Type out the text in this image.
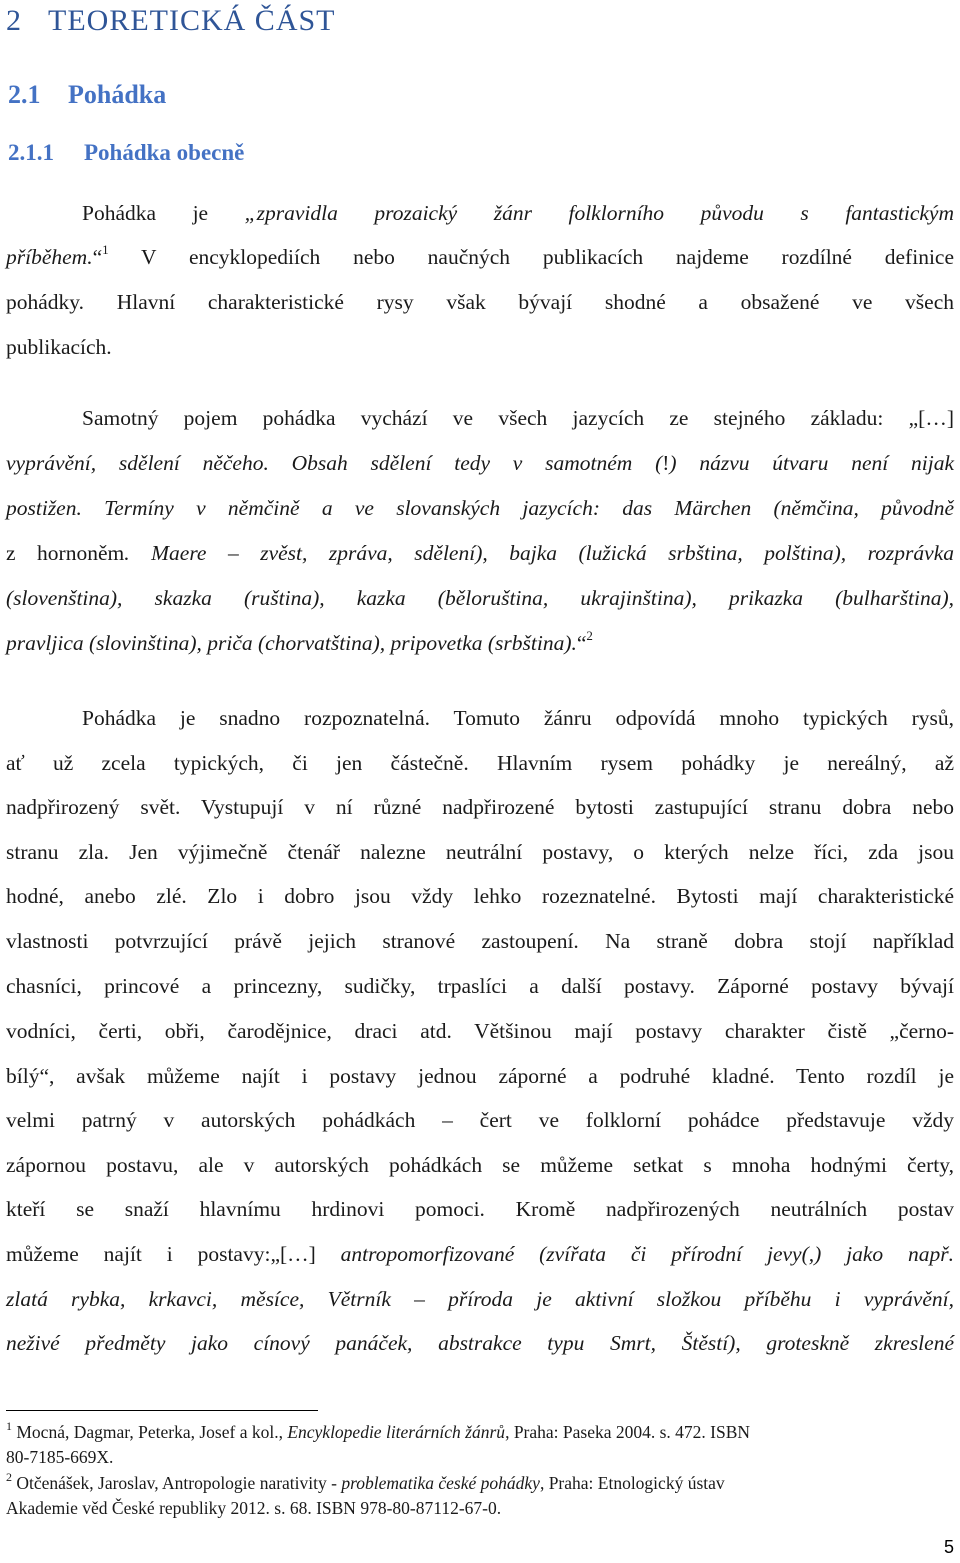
2 TEORETICKÁ ČÁST
2.1 Pohádka
2.1.1 Pohádka obecně
Pohádka je „zpravidla prozaický žánr folklorního původu s fantastickým
příběhem.“$^1$ V encyklopediích nebo naučných publikacích najdeme rozdílné definice
pohádky. Hlavní charakteristické rysy však bývají shodné a obsažené ve všech
publikacích.
Samotný pojem pohádka vychází ve všech jazycích ze stejného základu: „[…]
vyprávění, sdělení něčeho. Obsah sdělení tedy v samotném (!) názvu útvaru není nijak
postižen. Termíny v němčině a ve slovanských jazycích: das Märchen (němčina, původně
z hornoněm. Maere – zvěst, zpráva, sdělení), bajka (lužická srbština, polština), rozprávka
(slovenština), skazka (ruština), kazka (běloruština, ukrajinština), prikazka (bulharština),
pravljica (slovinština), priča (chorvatština), pripovetka (srbština).“$^2$
Pohádka je snadno rozpoznatelná. Tomuto žánru odpovídá mnoho typických rysů,
ať už zcela typických, či jen částečně. Hlavním rysem pohádky je nereálný, až
nadpřirozený svět. Vystupují v ní různé nadpřirozené bytosti zastupující stranu dobra nebo
stranu zla. Jen výjimečně čtenář nalezne neutrální postavy, o kterých nelze říci, zda jsou
hodné, anebo zlé. Zlo i dobro jsou vždy lehko rozeznatelné. Bytosti mají charakteristické
vlastnosti potvrzující právě jejich stranové zastoupení. Na straně dobra stojí například
chasníci, princové a princezny, sudičky, trpaslíci a další postavy. Záporné postavy bývají
vodníci, čerti, obři, čarodějnice, draci atd. Většinou mají postavy charakter čistě „černo-
bílý“, avšak můžeme najít i postavy jednou záporné a podruhé kladné. Tento rozdíl je
velmi patrný v autorských pohádkách – čert ve folklorní pohádce představuje vždy
zápornou postavu, ale v autorských pohádkách se můžeme setkat s mnoha hodnými čerty,
kteří se snaží hlavnímu hrdinovi pomoci. Kromě nadpřirozených neutrálních postav
můžeme najít i postavy:„[…] antropomorfizované (zvířata či přírodní jevy(,) jako např.
zlatá rybka, krkavci, měsíce, Větrník – příroda je aktivní složkou příběhu i vyprávění,
neživé předměty jako cínový panáček, abstrakce typu Smrt, Štěstí), groteskně zkreslené
$^1$ Mocná, Dagmar, Peterka, Josef a kol., Encyklopedie literárních žánrů, Praha: Paseka 2004. s. 472. ISBN
80-7185-669X.
$^2$ Otčenášek, Jaroslav, Antropologie narativity - problematika české pohádky, Praha: Etnologický ústav
Akademie věd České republiky 2012. s. 68. ISBN 978-80-87112-67-0.
5
